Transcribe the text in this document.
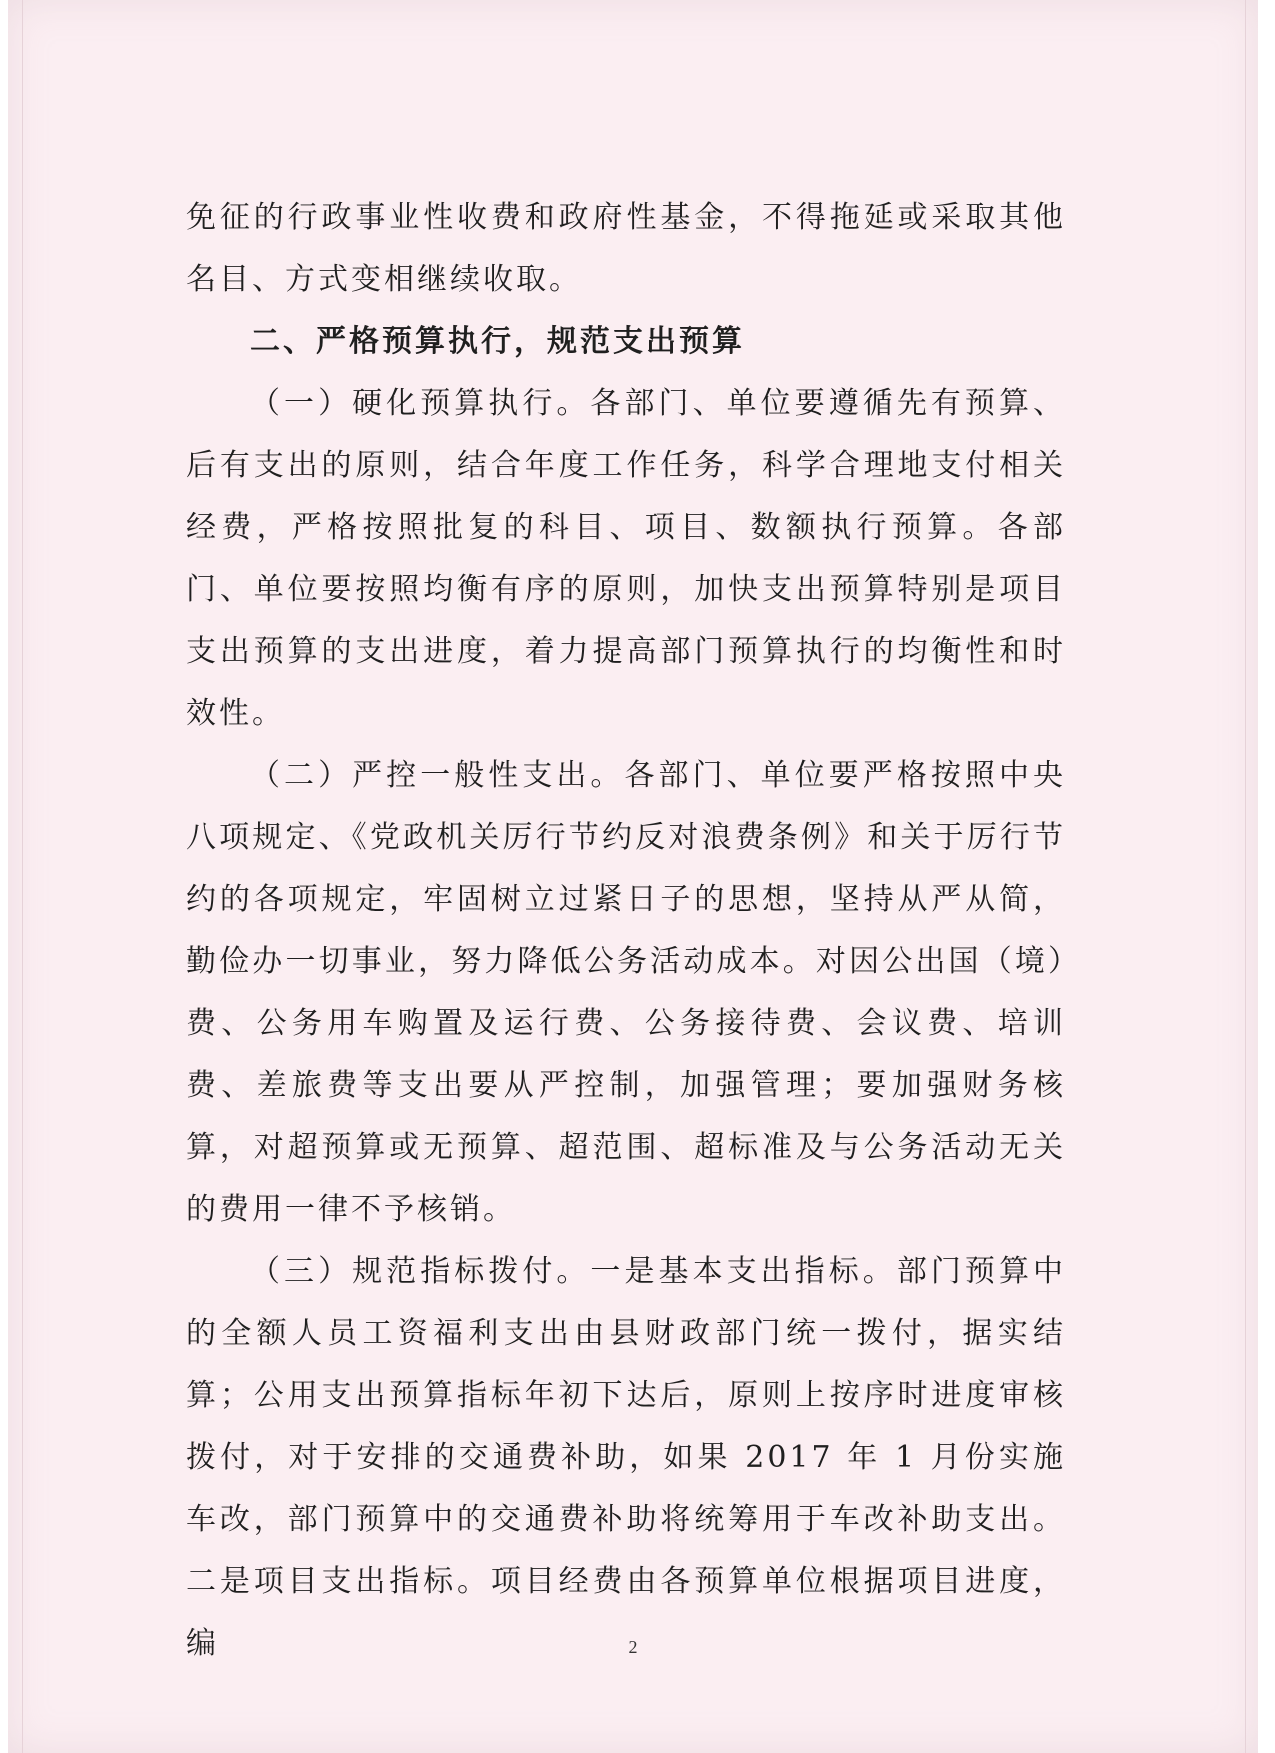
免征的行政事业性收费和政府性基金，不得拖延或采取其他名目、方式变相继续收取。

二、严格预算执行，规范支出预算

（一）硬化预算执行。各部门、单位要遵循先有预算、后有支出的原则，结合年度工作任务，科学合理地支付相关经费，严格按照批复的科目、项目、数额执行预算。各部门、单位要按照均衡有序的原则，加快支出预算特别是项目支出预算的支出进度，着力提高部门预算执行的均衡性和时效性。

（二）严控一般性支出。各部门、单位要严格按照中央八项规定、《党政机关厉行节约反对浪费条例》和关于厉行节约的各项规定，牢固树立过紧日子的思想，坚持从严从简，勤俭办一切事业，努力降低公务活动成本。对因公出国（境）费、公务用车购置及运行费、公务接待费、会议费、培训费、差旅费等支出要从严控制，加强管理；要加强财务核算，对超预算或无预算、超范围、超标准及与公务活动无关的费用一律不予核销。

（三）规范指标拨付。一是基本支出指标。部门预算中的全额人员工资福利支出由县财政部门统一拨付，据实结算；公用支出预算指标年初下达后，原则上按序时进度审核拨付，对于安排的交通费补助，如果 2017 年 1 月份实施车改，部门预算中的交通费补助将统筹用于车改补助支出。二是项目支出指标。项目经费由各预算单位根据项目进度，编	2
